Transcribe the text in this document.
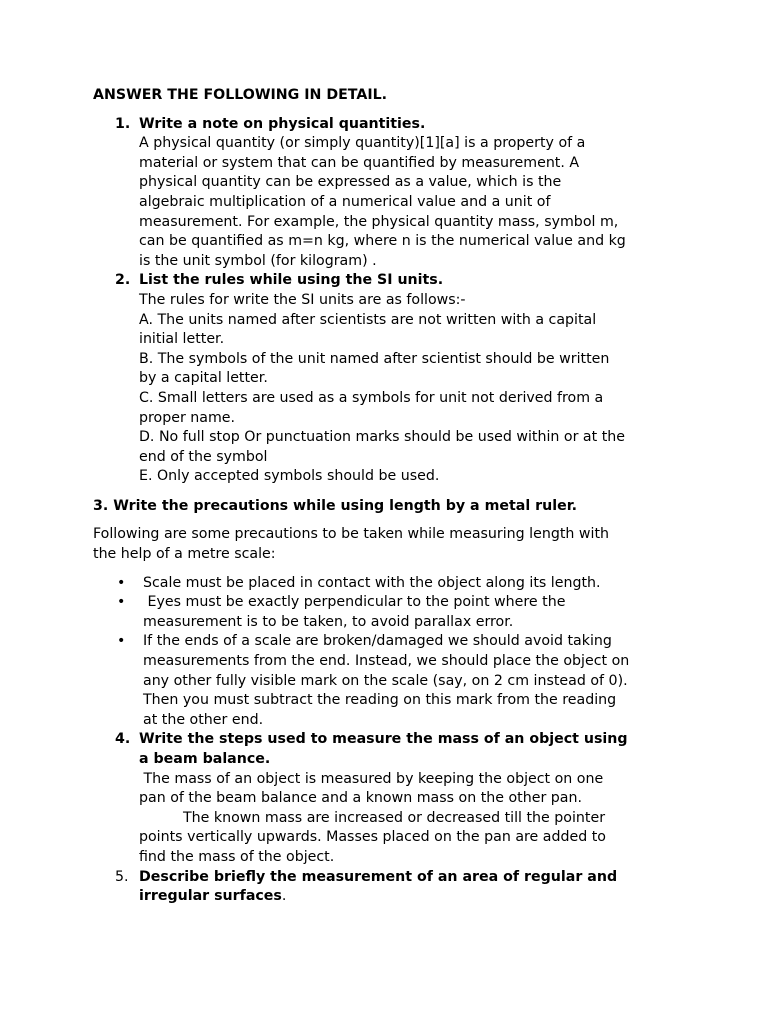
ANSWER THE FOLLOWING IN DETAIL.
1. Write a note on physical quantities.
A physical quantity (or simply quantity)[1][a] is a property of a
material or system that can be quantified by measurement. A
physical quantity can be expressed as a value, which is the
algebraic multiplication of a numerical value and a unit of
measurement. For example, the physical quantity mass, symbol m,
can be quantified as m=n kg, where n is the numerical value and kg
is the unit symbol (for kilogram) .
2. List the rules while using the SI units.
The rules for write the SI units are as follows:-
A. The units named after scientists are not written with a capital
initial letter.
B. The symbols of the unit named after scientist should be written
by a capital letter.
C. Small letters are used as a symbols for unit not derived from a
proper name.
D. No full stop Or punctuation marks should be used within or at the
end of the symbol
E. Only accepted symbols should be used.
3. Write the precautions while using length by a metal ruler.
Following are some precautions to be taken while measuring length with
the help of a metre scale:
• Scale must be placed in contact with the object along its length.
• Eyes must be exactly perpendicular to the point where the
measurement is to be taken, to avoid parallax error.
• If the ends of a scale are broken/damaged we should avoid taking
measurements from the end. Instead, we should place the object on
any other fully visible mark on the scale (say, on 2 cm instead of 0).
Then you must subtract the reading on this mark from the reading
at the other end.
4. Write the steps used to measure the mass of an object using
a beam balance.
The mass of an object is measured by keeping the object on one
pan of the beam balance and a known mass on the other pan.
The known mass are increased or decreased till the pointer
points vertically upwards. Masses placed on the pan are added to
find the mass of the object.
5. Describe briefly the measurement of an area of regular and
irregular surfaces.
